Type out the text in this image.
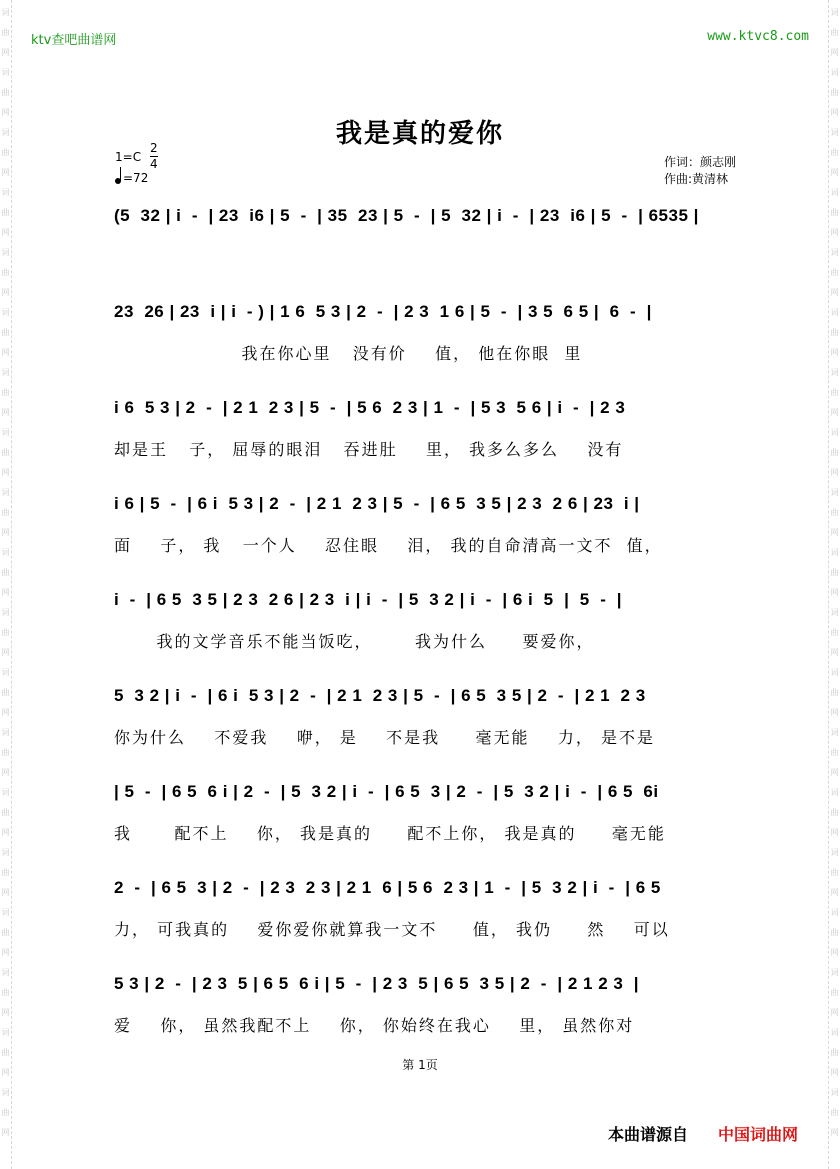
词
曲
网
词
曲
网
词
曲
网
词
曲
网
词
曲
网
词
曲
网
词
曲
网
词
曲
网
词
曲
网
词
曲
网
词
曲
网
词
曲
网
词
曲
网
词
曲
网
词
曲
网
词
曲
网
词
曲
网
词
曲
网
词
曲
网
词
曲
网
词
曲
网
词
曲
网
词
曲
网
词
曲
网
词
曲
网
词
曲
网
词
曲
网
词
曲
网
词
曲
网
词
曲
网
词
曲
网
词
曲
网
词
曲
网
词
曲
网
词
曲
网
词
曲
网
词
曲
网
词
曲
网
ktv查吧曲谱网	www.ktvc8.com
我是真的爱你
$1=C \frac{2}{4}$
=72
作词：颜志刚
作曲:黄清林
(5  32 | i  -  | 23  i6 | 5  -  | 35  23 | 5  -  | 5  32 | i  -  | 23  i6 | 5  -  | 6535 |
23  26 | 23  i | i  - ) | 1 6  5 3 | 2  -  | 2 3  1 6 | 5  -  | 3 5  6 5 |  6  -  |
我在你心里   没有价    值， 他在你眼  里
i 6  5 3 | 2  -  | 2 1  2 3 | 5  -  | 5 6  2 3 | 1  -  | 5 3  5 6 | i  -  | 2 3
却是王   子， 屈辱的眼泪   吞进肚    里， 我多么多么    没有
i 6 | 5  -  | 6 i  5 3 | 2  -  | 2 1  2 3 | 5  -  | 6 5  3 5 | 2 3  2 6 | 23  i |
面    子， 我   一个人    忍住眼    泪， 我的自命清高一文不  值，
i  -  | 6 5  3 5 | 2 3  2 6 | 2 3  i | i  -  | 5  3 2 | i  -  | 6 i  5  |  5  -  |
我的文学音乐不能当饭吃，      我为什么     要爱你，
5  3 2 | i  -  | 6 i  5 3 | 2  -  | 2 1  2 3 | 5  -  | 6 5  3 5 | 2  -  | 2 1  2 3
你为什么    不爱我    咿， 是    不是我     毫无能    力， 是不是
| 5  -  | 6 5  6 i | 2  -  | 5  3 2 | i  -  | 6 5  3 | 2  -  | 5  3 2 | i  -  | 6 5  6i
我      配不上    你， 我是真的     配不上你， 我是真的     毫无能
2  -  | 6 5  3 | 2  -  | 2 3  2 3 | 2 1  6 | 5 6  2 3 | 1  -  | 5  3 2 | i  -  | 6 5
力， 可我真的    爱你爱你就算我一文不     值， 我仍     然    可以
5 3 | 2  -  | 2 3  5 | 6 5  6 i | 5  -  | 2 3  5 | 6 5  3 5 | 2  -  | 2 1 2 3  |
爱    你， 虽然我配不上    你， 你始终在我心    里， 虽然你对
第 1页
本曲谱源自 中国词曲网
